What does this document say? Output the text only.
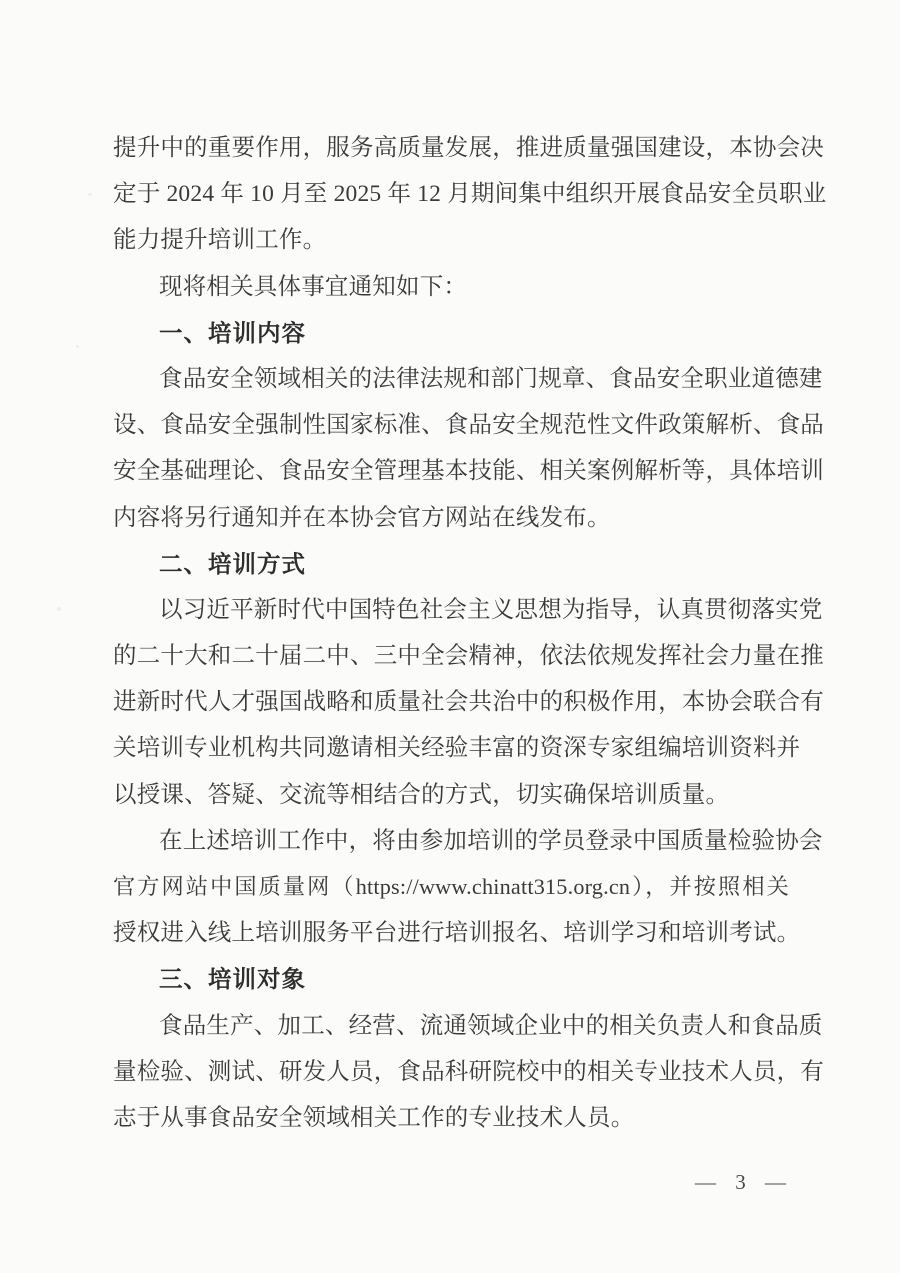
提升中的重要作用，服务高质量发展，推进质量强国建设，本协会决
定于 2024 年 10 月至 2025 年 12 月期间集中组织开展食品安全员职业
能力提升培训工作。
现将相关具体事宜通知如下：
一、培训内容
食品安全领域相关的法律法规和部门规章、食品安全职业道德建
设、食品安全强制性国家标准、食品安全规范性文件政策解析、食品
安全基础理论、食品安全管理基本技能、相关案例解析等，具体培训
内容将另行通知并在本协会官方网站在线发布。
二、培训方式
以习近平新时代中国特色社会主义思想为指导，认真贯彻落实党
的二十大和二十届二中、三中全会精神，依法依规发挥社会力量在推
进新时代人才强国战略和质量社会共治中的积极作用，本协会联合有
关培训专业机构共同邀请相关经验丰富的资深专家组编培训资料并
以授课、答疑、交流等相结合的方式，切实确保培训质量。
在上述培训工作中，将由参加培训的学员登录中国质量检验协会
官方网站中国质量网（https://www.chinatt315.org.cn），并按照相关
授权进入线上培训服务平台进行培训报名、培训学习和培训考试。
三、培训对象
食品生产、加工、经营、流通领域企业中的相关负责人和食品质
量检验、测试、研发人员，食品科研院校中的相关专业技术人员，有
志于从事食品安全领域相关工作的专业技术人员。
— 3 —
